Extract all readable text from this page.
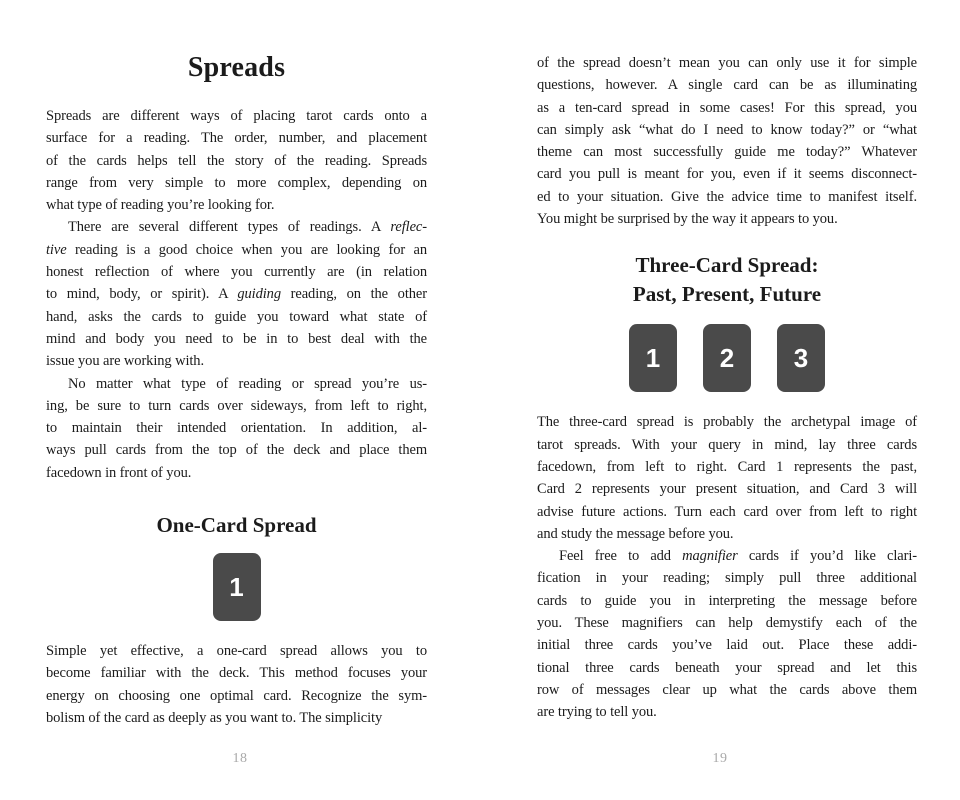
Spreads
Spreads are different ways of placing tarot cards onto a
surface for a reading. The order, number, and placement
of the cards helps tell the story of the reading. Spreads
range from very simple to more complex, depending on
what type of reading you’re looking for.
There are several different types of readings. A reflec-
tive reading is a good choice when you are looking for an
honest reflection of where you currently are (in relation
to mind, body, or spirit). A guiding reading, on the other
hand, asks the cards to guide you toward what state of
mind and body you need to be in to best deal with the
issue you are working with.
No matter what type of reading or spread you’re us-
ing, be sure to turn cards over sideways, from left to right,
to maintain their intended orientation. In addition, al-
ways pull cards from the top of the deck and place them
facedown in front of you.
One-Card Spread
1
Simple yet effective, a one-card spread allows you to
become familiar with the deck. This method focuses your
energy on choosing one optimal card. Recognize the sym-
bolism of the card as deeply as you want to. The simplicity
18
of the spread doesn’t mean you can only use it for simple
questions, however. A single card can be as illuminating
as a ten-card spread in some cases! For this spread, you
can simply ask “what do I need to know today?” or “what
theme can most successfully guide me today?” Whatever
card you pull is meant for you, even if it seems disconnect-
ed to your situation. Give the advice time to manifest itself.
You might be surprised by the way it appears to you.
Three-Card Spread:
Past, Present, Future
1 2 3
The three-card spread is probably the archetypal image of
tarot spreads. With your query in mind, lay three cards
facedown, from left to right. Card 1 represents the past,
Card 2 represents your present situation, and Card 3 will
advise future actions. Turn each card over from left to right
and study the message before you.
Feel free to add magnifier cards if you’d like clari-
fication in your reading; simply pull three additional
cards to guide you in interpreting the message before
you. These magnifiers can help demystify each of the
initial three cards you’ve laid out. Place these addi-
tional three cards beneath your spread and let this
row of messages clear up what the cards above them
are trying to tell you.
19
